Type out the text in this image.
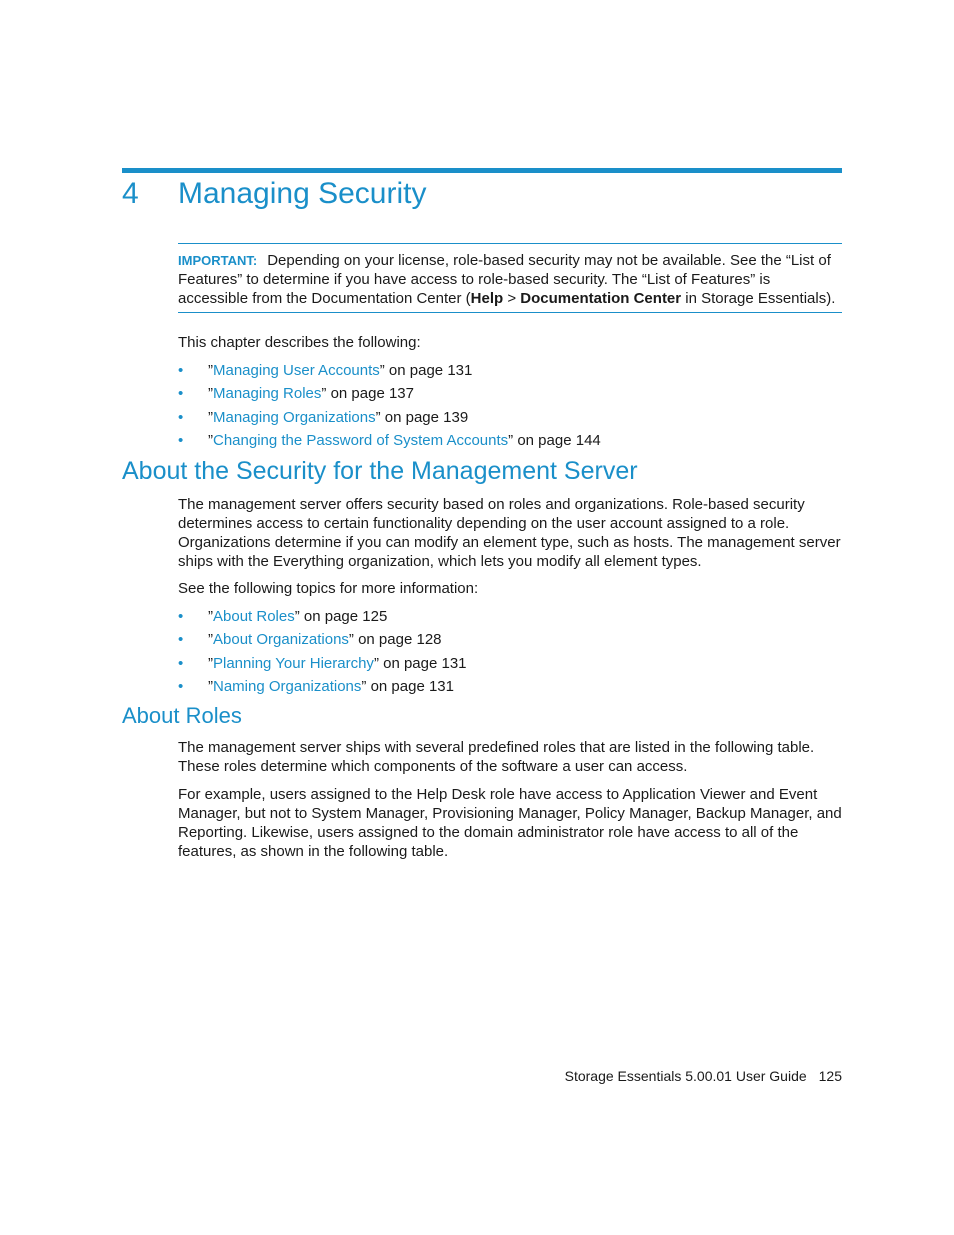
4 Managing Security
IMPORTANT: Depending on your license, role-based security may not be available. See the “List of Features” to determine if you have access to role-based security. The “List of Features” is accessible from the Documentation Center (Help > Documentation Center in Storage Essentials).
This chapter describes the following:
• ”Managing User Accounts” on page 131
• ”Managing Roles” on page 137
• ”Managing Organizations” on page 139
• ”Changing the Password of System Accounts” on page 144
About the Security for the Management Server
The management server offers security based on roles and organizations. Role-based security determines access to certain functionality depending on the user account assigned to a role. Organizations determine if you can modify an element type, such as hosts. The management server ships with the Everything organization, which lets you modify all element types.
See the following topics for more information:
• ”About Roles” on page 125
• ”About Organizations” on page 128
• ”Planning Your Hierarchy” on page 131
• ”Naming Organizations” on page 131
About Roles
The management server ships with several predefined roles that are listed in the following table. These roles determine which components of the software a user can access.
For example, users assigned to the Help Desk role have access to Application Viewer and Event Manager, but not to System Manager, Provisioning Manager, Policy Manager, Backup Manager, and Reporting. Likewise, users assigned to the domain administrator role have access to all of the features, as shown in the following table.
Storage Essentials 5.00.01 User Guide 125
